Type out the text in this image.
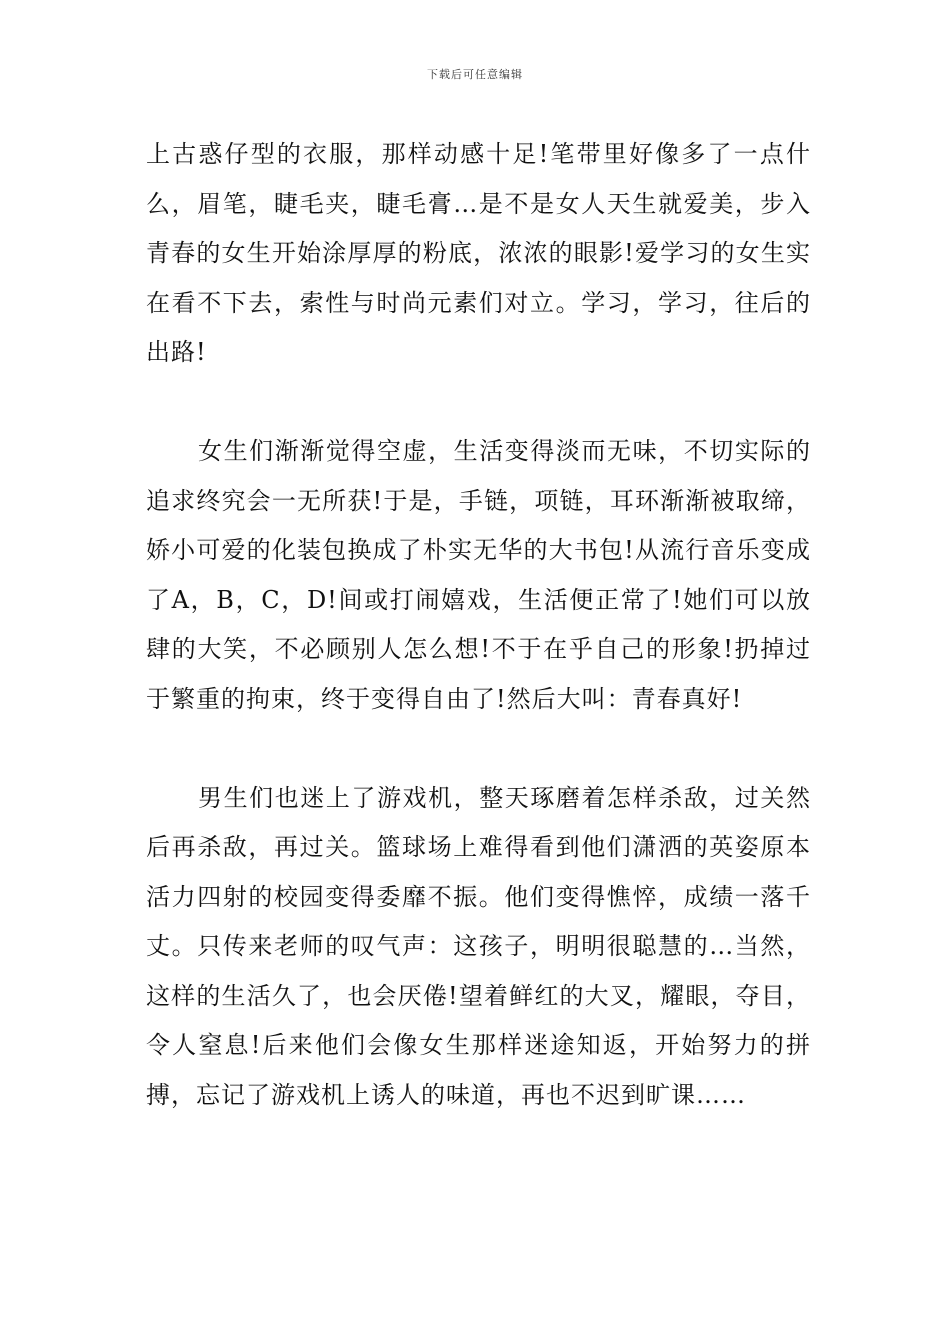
下载后可任意编辑

上古惑仔型的衣服，那样动感十足!笔带里好像多了一点什么，眉笔，睫毛夹，睫毛膏…是不是女人天生就爱美，步入青春的女生开始涂厚厚的粉底，浓浓的眼影!爱学习的女生实在看不下去，索性与时尚元素们对立。学习，学习，往后的出路!

女生们渐渐觉得空虚，生活变得淡而无味，不切实际的追求终究会一无所获!于是，手链，项链，耳环渐渐被取缔，娇小可爱的化装包换成了朴实无华的大书包!从流行音乐变成了A，B，C，D!间或打闹嬉戏，生活便正常了!她们可以放肆的大笑，不必顾别人怎么想!不于在乎自己的形象!扔掉过于繁重的拘束，终于变得自由了!然后大叫：青春真好!

男生们也迷上了游戏机，整天琢磨着怎样杀敌，过关然后再杀敌，再过关。篮球场上难得看到他们潇洒的英姿原本活力四射的校园变得委靡不振。他们变得憔悴，成绩一落千丈。只传来老师的叹气声：这孩子，明明很聪慧的…当然，这样的生活久了，也会厌倦!望着鲜红的大叉，耀眼，夺目，令人窒息!后来他们会像女生那样迷途知返，开始努力的拼搏，忘记了游戏机上诱人的味道，再也不迟到旷课……
